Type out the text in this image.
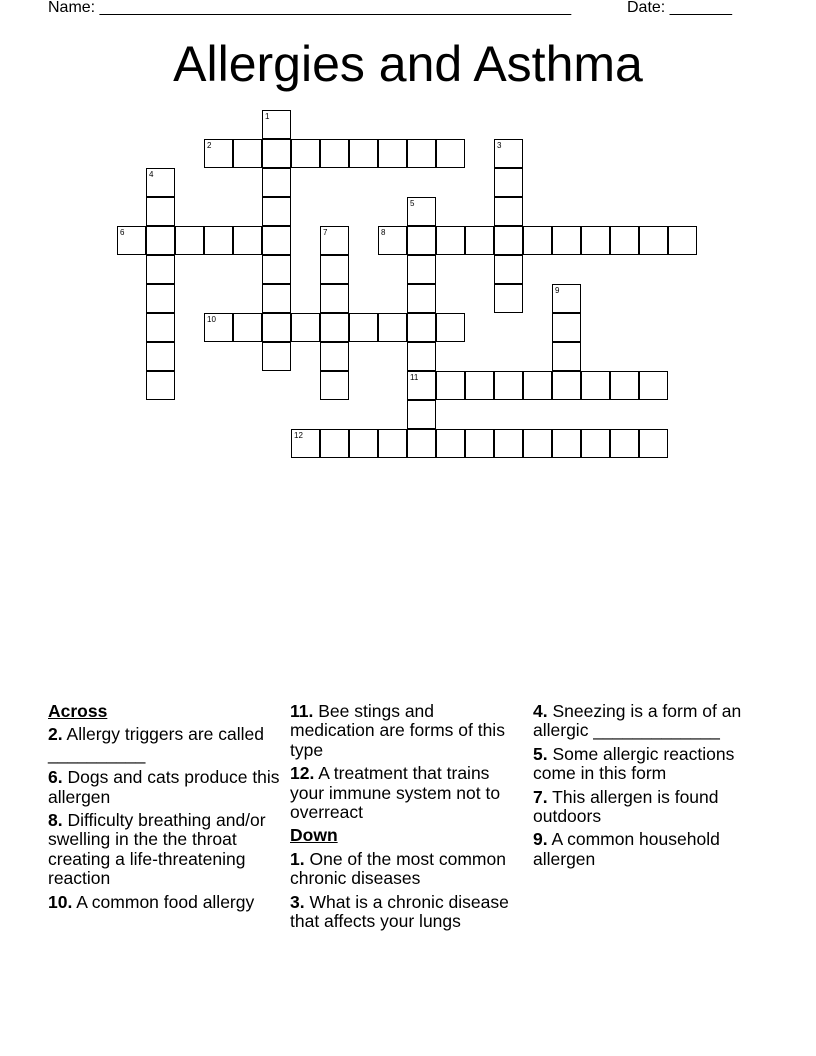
Name: _____________________________________________________	Date: _______
Allergies and Asthma
1
2	3
4
5
11
6	7	8
9
10
12
Across
2. Allergy triggers are called __________
6. Dogs and cats produce this allergen
8. Difficulty breathing and/or swelling in the the throat creating a life-threatening reaction
10. A common food allergy
11. Bee stings and medication are forms of this type
12. A treatment that trains your immune system not to overreact
Down
1. One of the most common chronic diseases
3. What is a chronic disease that affects your lungs
4. Sneezing is a form of an allergic _____________
5. Some allergic reactions come in this form
7. This allergen is found outdoors
9. A common household allergen
